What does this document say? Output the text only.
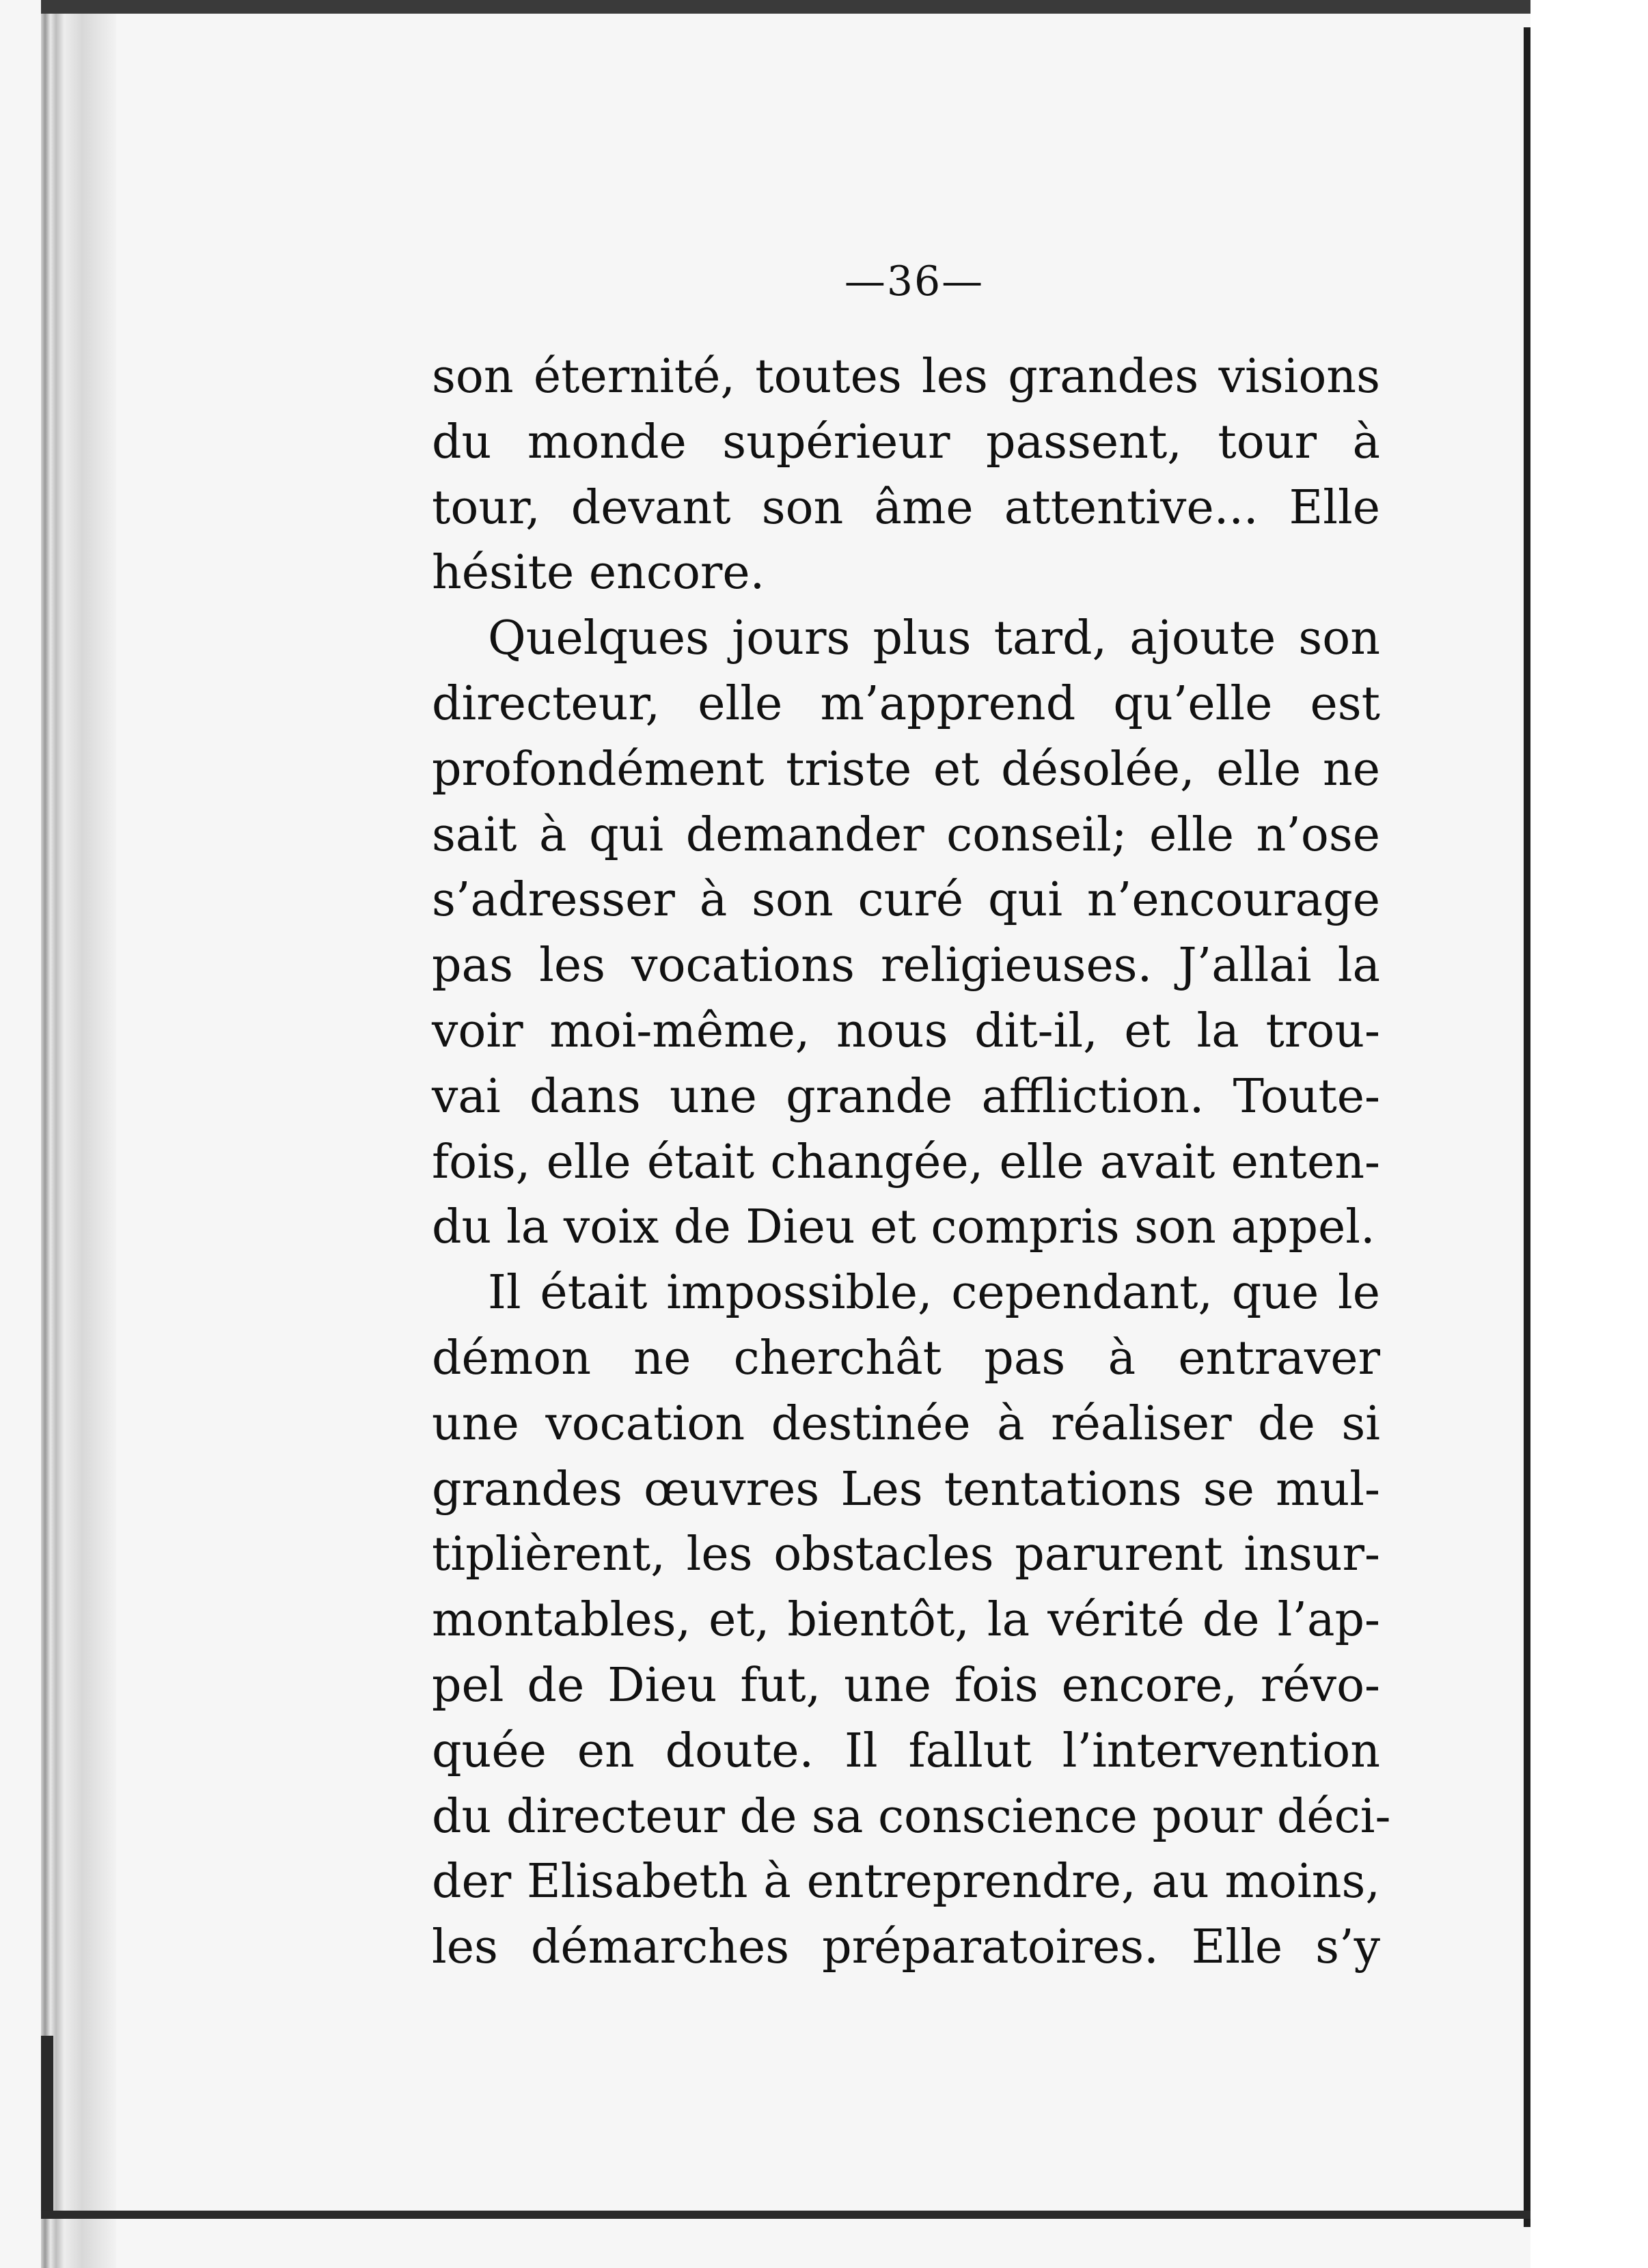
—36—
son éternité, toutes les grandes visions
du monde supérieur passent, tour à
tour, devant son âme attentive... Elle
hésite encore.
Quelques jours plus tard, ajoute son
directeur, elle m’apprend qu’elle est
profondément triste et désolée, elle ne
sait à qui demander conseil; elle n’ose
s’adresser à son curé qui n’encourage
pas les vocations religieuses. J’allai la
voir moi-même, nous dit-il, et la trou-
vai dans une grande affliction. Toute-
fois, elle était changée, elle avait enten-
du la voix de Dieu et compris son appel.
Il était impossible, cependant, que le
démon ne cherchât pas à entraver
une vocation destinée à réaliser de si
grandes œuvres Les tentations se mul-
tiplièrent, les obstacles parurent insur-
montables, et, bientôt, la vérité de l’ap-
pel de Dieu fut, une fois encore, révo-
quée en doute. Il fallut l’intervention
du directeur de sa conscience pour déci-
der Elisabeth à entreprendre, au moins,
les démarches préparatoires. Elle s’y
